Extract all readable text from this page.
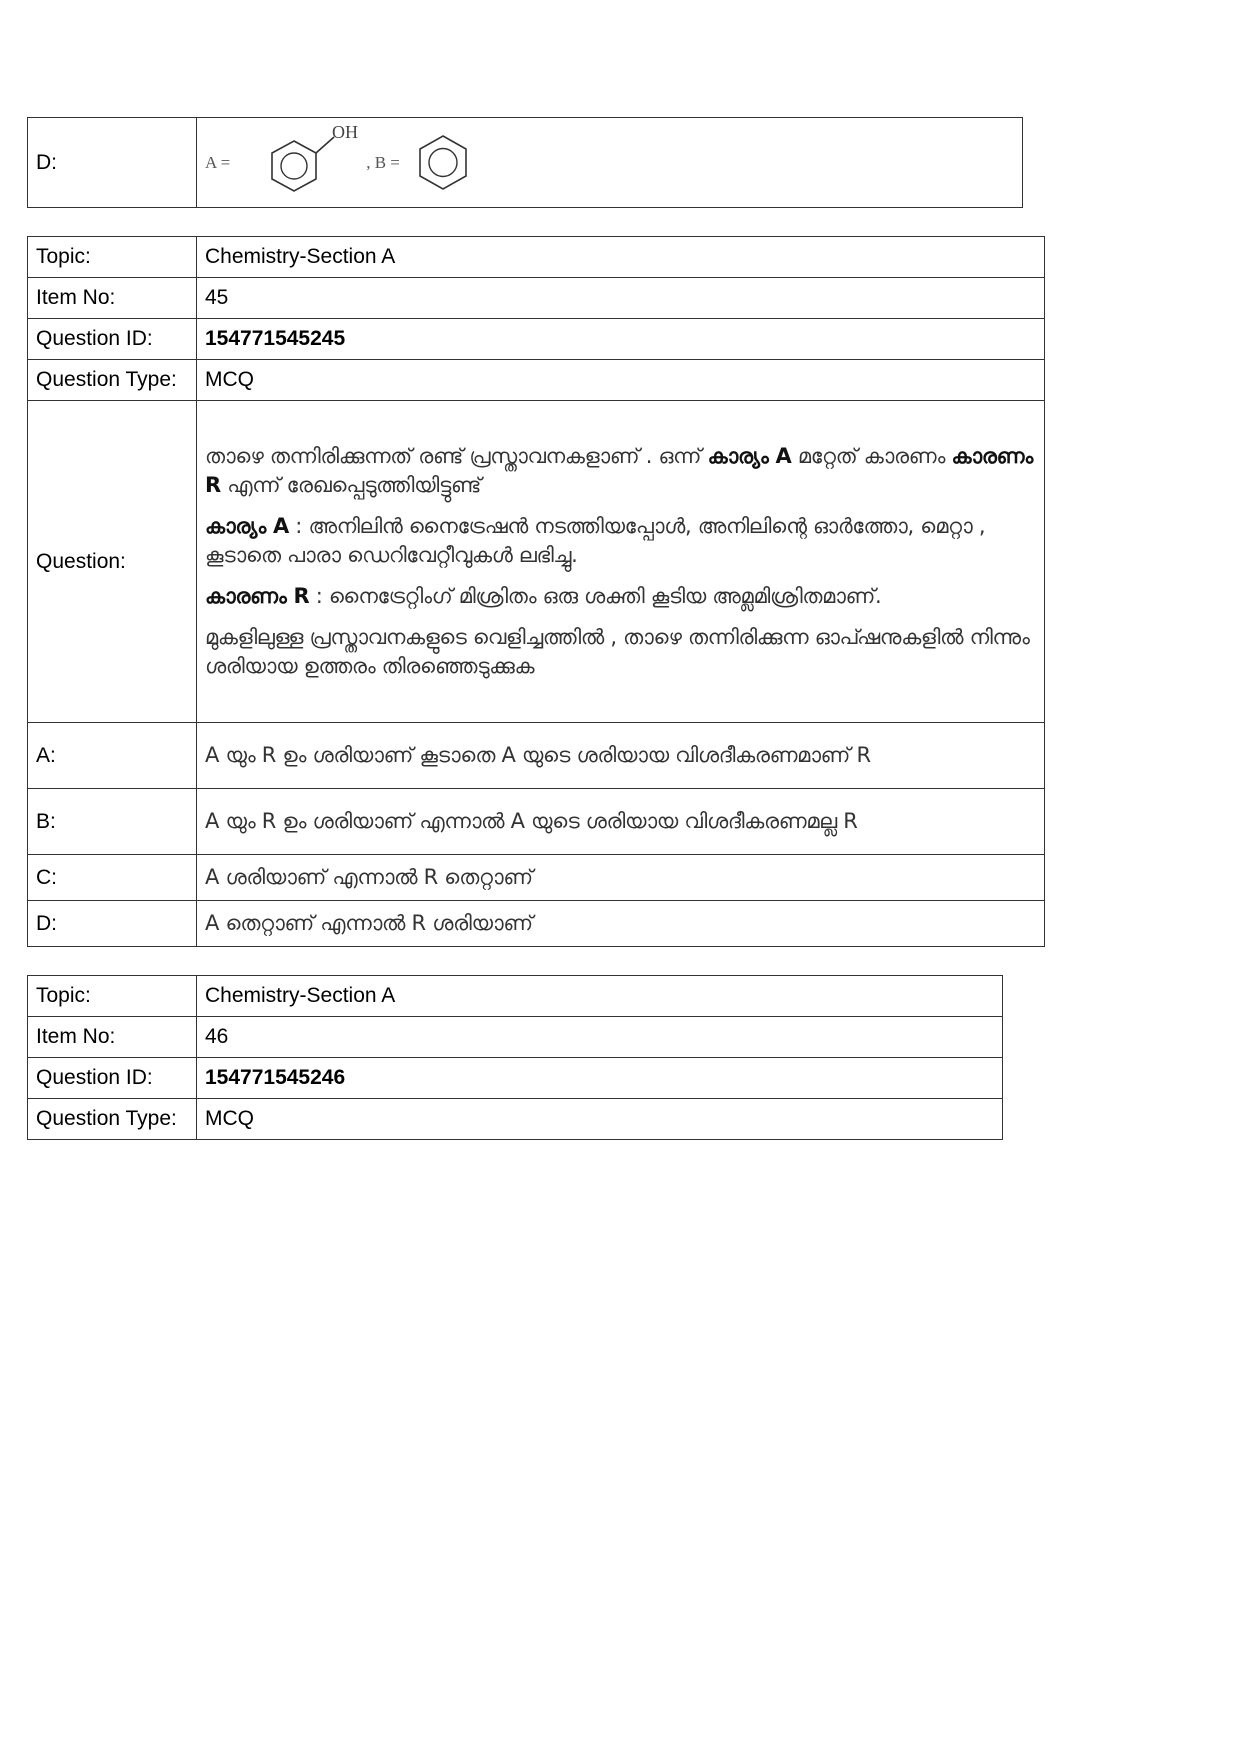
D:	A =
OH
, B =
Topic:	Chemistry-Section A
Item No:	45
Question ID:	154771545245
Question Type:	MCQ
Question:	താഴെ തന്നിരിക്കുന്നത് രണ്ട് പ്രസ്താവനകളാണ് . ഒന്ന് കാര്യം A മറ്റേത് കാരണം കാരണം R എന്ന് രേഖപ്പെടുത്തിയിട്ടുണ്ട്

കാര്യം A : അനിലിൻ നൈട്രേഷൻ നടത്തിയപ്പോൾ, അനിലിന്റെ ഓർത്തോ, മെറ്റാ , കൂടാതെ പാരാ ഡെറിവേറ്റീവുകൾ ലഭിച്ചു.

കാരണം R : നൈട്രേറ്റിംഗ് മിശ്രിതം ഒരു ശക്തി കൂടിയ അമ്ലമിശ്രിതമാണ്.

മുകളിലുള്ള പ്രസ്താവനകളുടെ വെളിച്ചത്തിൽ , താഴെ തന്നിരിക്കുന്ന ഓപ്ഷനുകളിൽ നിന്നും ശരിയായ ഉത്തരം തിരഞ്ഞെടുക്കുക

A:	A യും R ഉം ശരിയാണ് കൂടാതെ A യുടെ ശരിയായ വിശദീകരണമാണ് R
B:	A യും R ഉം ശരിയാണ് എന്നാൽ A യുടെ ശരിയായ വിശദീകരണമല്ല R
C:	A ശരിയാണ് എന്നാൽ R തെറ്റാണ്
D:	A തെറ്റാണ് എന്നാൽ R ശരിയാണ്
Topic:	Chemistry-Section A
Item No:	46
Question ID:	154771545246
Question Type:	MCQ
